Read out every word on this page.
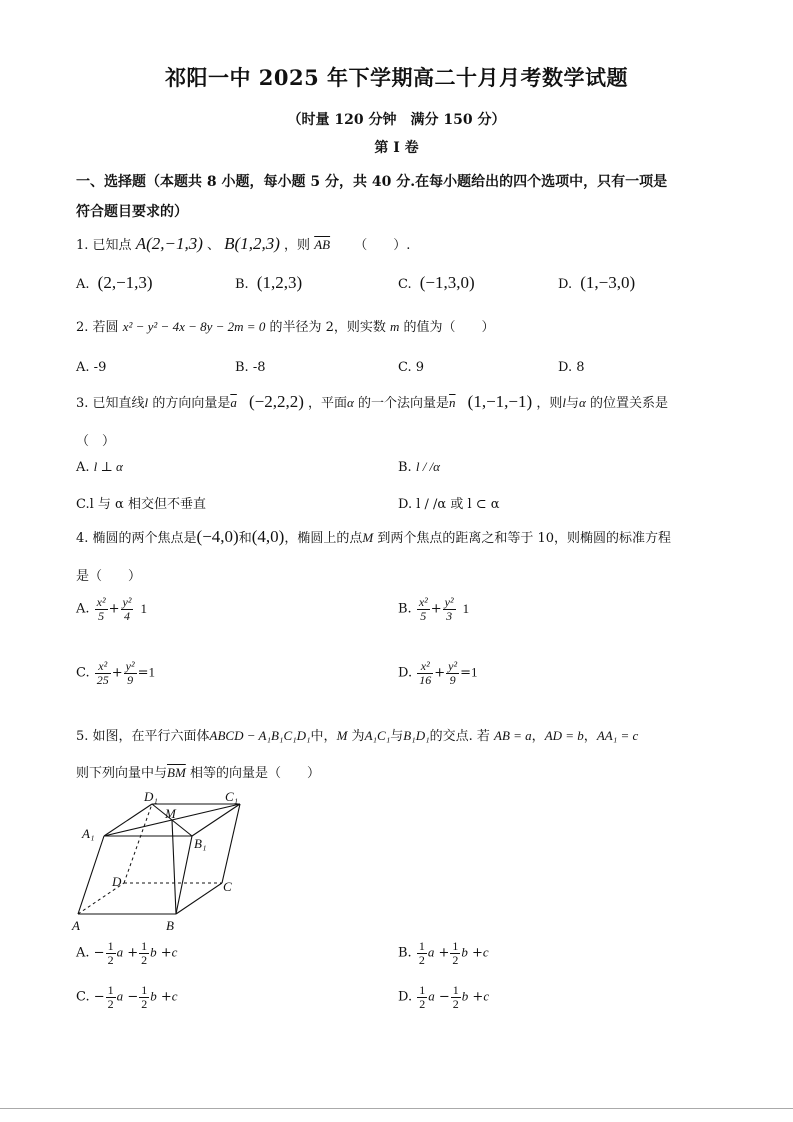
祁阳一中 2025 年下学期高二十月月考数学试题
（时量 120 分钟　满分 150 分）
第 I 卷
一、选择题（本题共 8 小题，每小题 5 分，共 40 分.在每小题给出的四个选项中，只有一项是
符合题目要求的）
1. 已知点 A(2,−1,3) 、 B(1,2,3) ，则 $\overline{AB}$ （　　）.
A. (2,−1,3)	B. (1,2,3)	C. (−1,3,0)	D. (1,−3,0)
2. 若圆 x² − y² − 4x − 8y − 2m = 0 的半径为 2，则实数 m 的值为（　　）
A. -9	B. -8	C. 9	D. 8
3. 已知直线l 的方向向量是$\overline{a}$ (−2,2,2) ，平面α 的一个法向量是$\overline{n}$ (1,−1,−1) ，则l与α 的位置关系是
（　）
A. l ⊥ α	B. l / /α
C.l 与 α 相交但不垂直	D. l / /α 或 l ⊂ α
4. 椭圆的两个焦点是(−4,0)和(4,0)，椭圆上的点M 到两个焦点的距离之和等于 10，则椭圆的标准方程
是（　　）
A. $\frac{\text{x²}}{5} + \frac{\text{y²}}{4} 1$	B. $\frac{\text{x²}}{5} + \frac{\text{y²}}{3} 1$
C. $\frac{\text{x²}}{25} + \frac{\text{y²}}{9} =1$	D. $\frac{\text{x²}}{16} + \frac{\text{y²}}{9} =1$
5. 如图，在平行六面体ABCD − A₁B₁C₁D₁中，M 为A₁C₁与B₁D₁的交点. 若 AB = a，AD = b，AA₁ = c
则下列向量中与$\overline{BM}$ 相等的向量是（　　）
D₁	C₁
M
A₁
B₁
D	C
A	B
A. − $\frac{1}{2}$ $a + \frac{1}{2}$ b +c	B. $\frac{1}{2}$ $a + \frac{1}{2}$ b +c
C. − $\frac{1}{2}$ $a - \frac{1}{2}$ b +c	D. $\frac{1}{2}$ $a - \frac{1}{2}$ b +c
